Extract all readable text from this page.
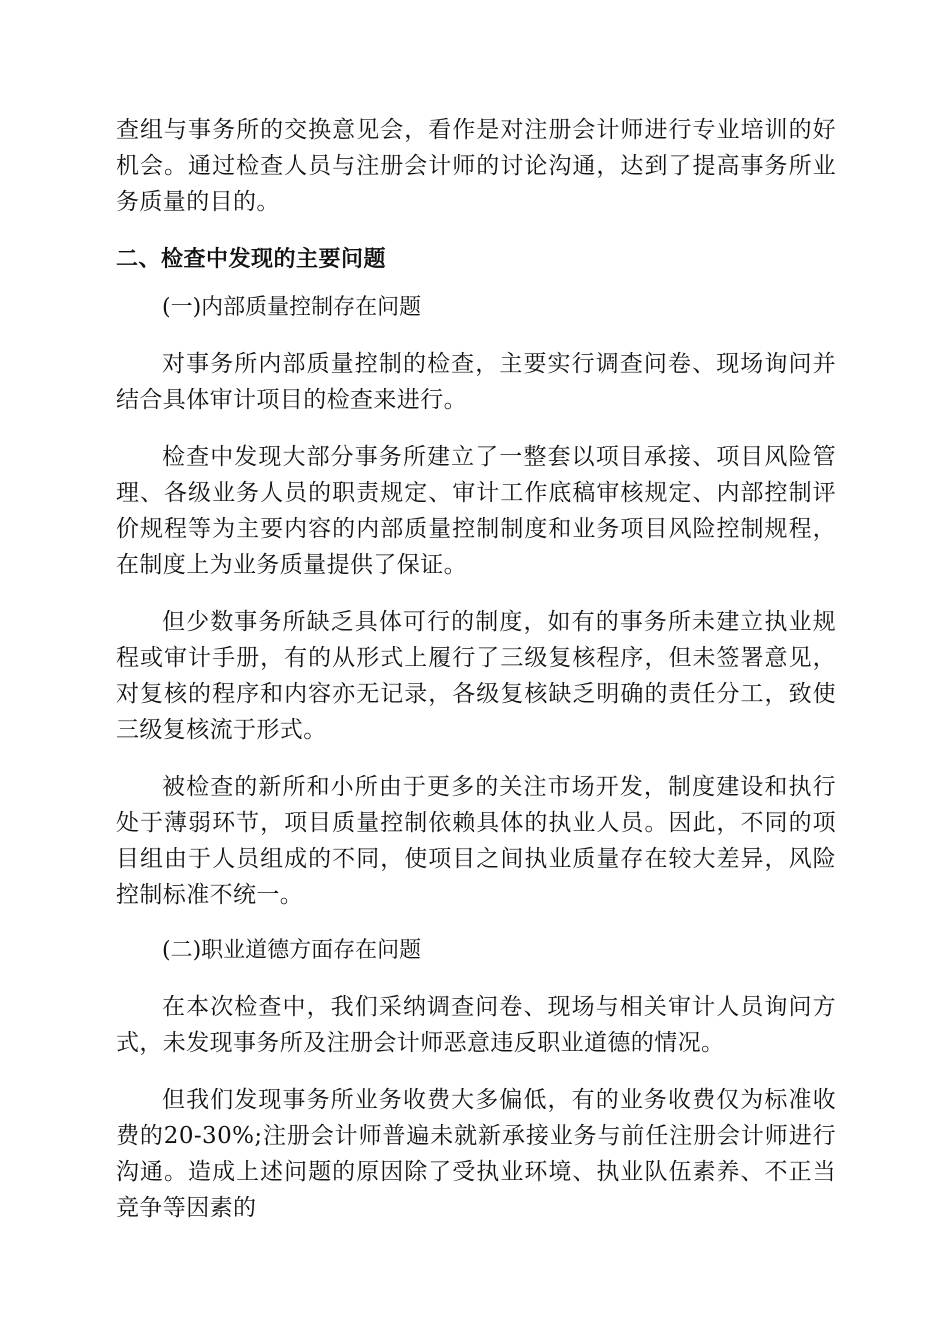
查组与事务所的交换意见会，看作是对注册会计师进行专业培训的好机会。通过检查人员与注册会计师的讨论沟通，达到了提高事务所业务质量的目的。

二、检查中发现的主要问题

(一)内部质量控制存在问题

对事务所内部质量控制的检查，主要实行调查问卷、现场询问并结合具体审计项目的检查来进行。

检查中发现大部分事务所建立了一整套以项目承接、项目风险管理、各级业务人员的职责规定、审计工作底稿审核规定、内部控制评价规程等为主要内容的内部质量控制制度和业务项目风险控制规程，在制度上为业务质量提供了保证。

但少数事务所缺乏具体可行的制度，如有的事务所未建立执业规程或审计手册，有的从形式上履行了三级复核程序，但未签署意见，对复核的程序和内容亦无记录，各级复核缺乏明确的责任分工，致使三级复核流于形式。

被检查的新所和小所由于更多的关注市场开发，制度建设和执行处于薄弱环节，项目质量控制依赖具体的执业人员。因此，不同的项目组由于人员组成的不同，使项目之间执业质量存在较大差异，风险控制标准不统一。

(二)职业道德方面存在问题

在本次检查中，我们采纳调查问卷、现场与相关审计人员询问方式，未发现事务所及注册会计师恶意违反职业道德的情况。

但我们发现事务所业务收费大多偏低，有的业务收费仅为标准收费的20-30%;注册会计师普遍未就新承接业务与前任注册会计师进行沟通。造成上述问题的原因除了受执业环境、执业队伍素养、不正当竞争等因素的
